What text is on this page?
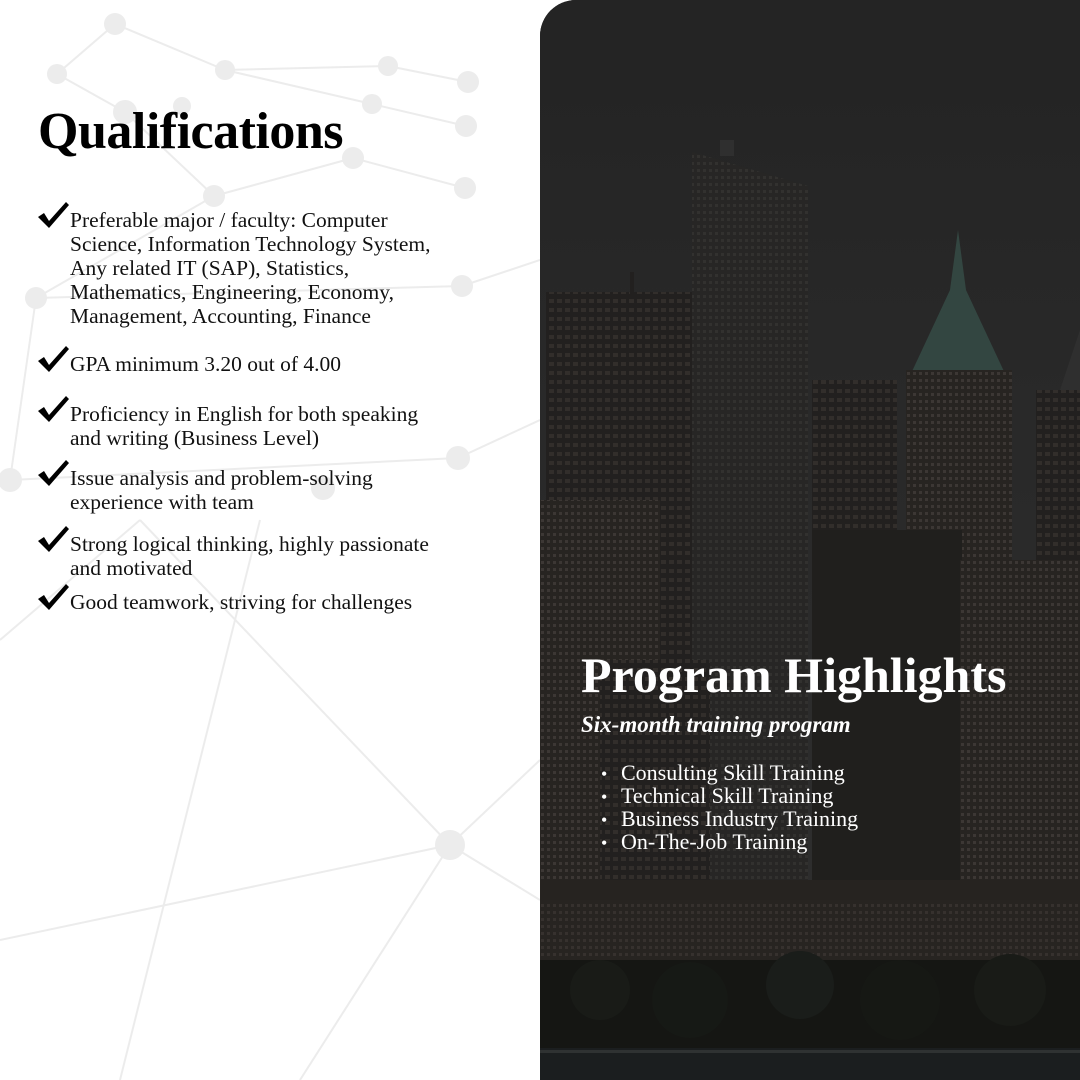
Qualifications
Preferable major / faculty: Computer
Science, Information Technology System,
Any related IT (SAP), Statistics,
Mathematics, Engineering, Economy,
Management, Accounting, Finance
GPA minimum 3.20 out of 4.00
Proficiency in English for both speaking
and writing (Business Level)
Issue analysis and problem-solving
experience with team
Strong logical thinking, highly passionate
and motivated
Good teamwork, striving for challenges
Program Highlights
Six-month training program
• Consulting Skill Training
• Technical Skill Training
• Business Industry Training
• On-The-Job Training
